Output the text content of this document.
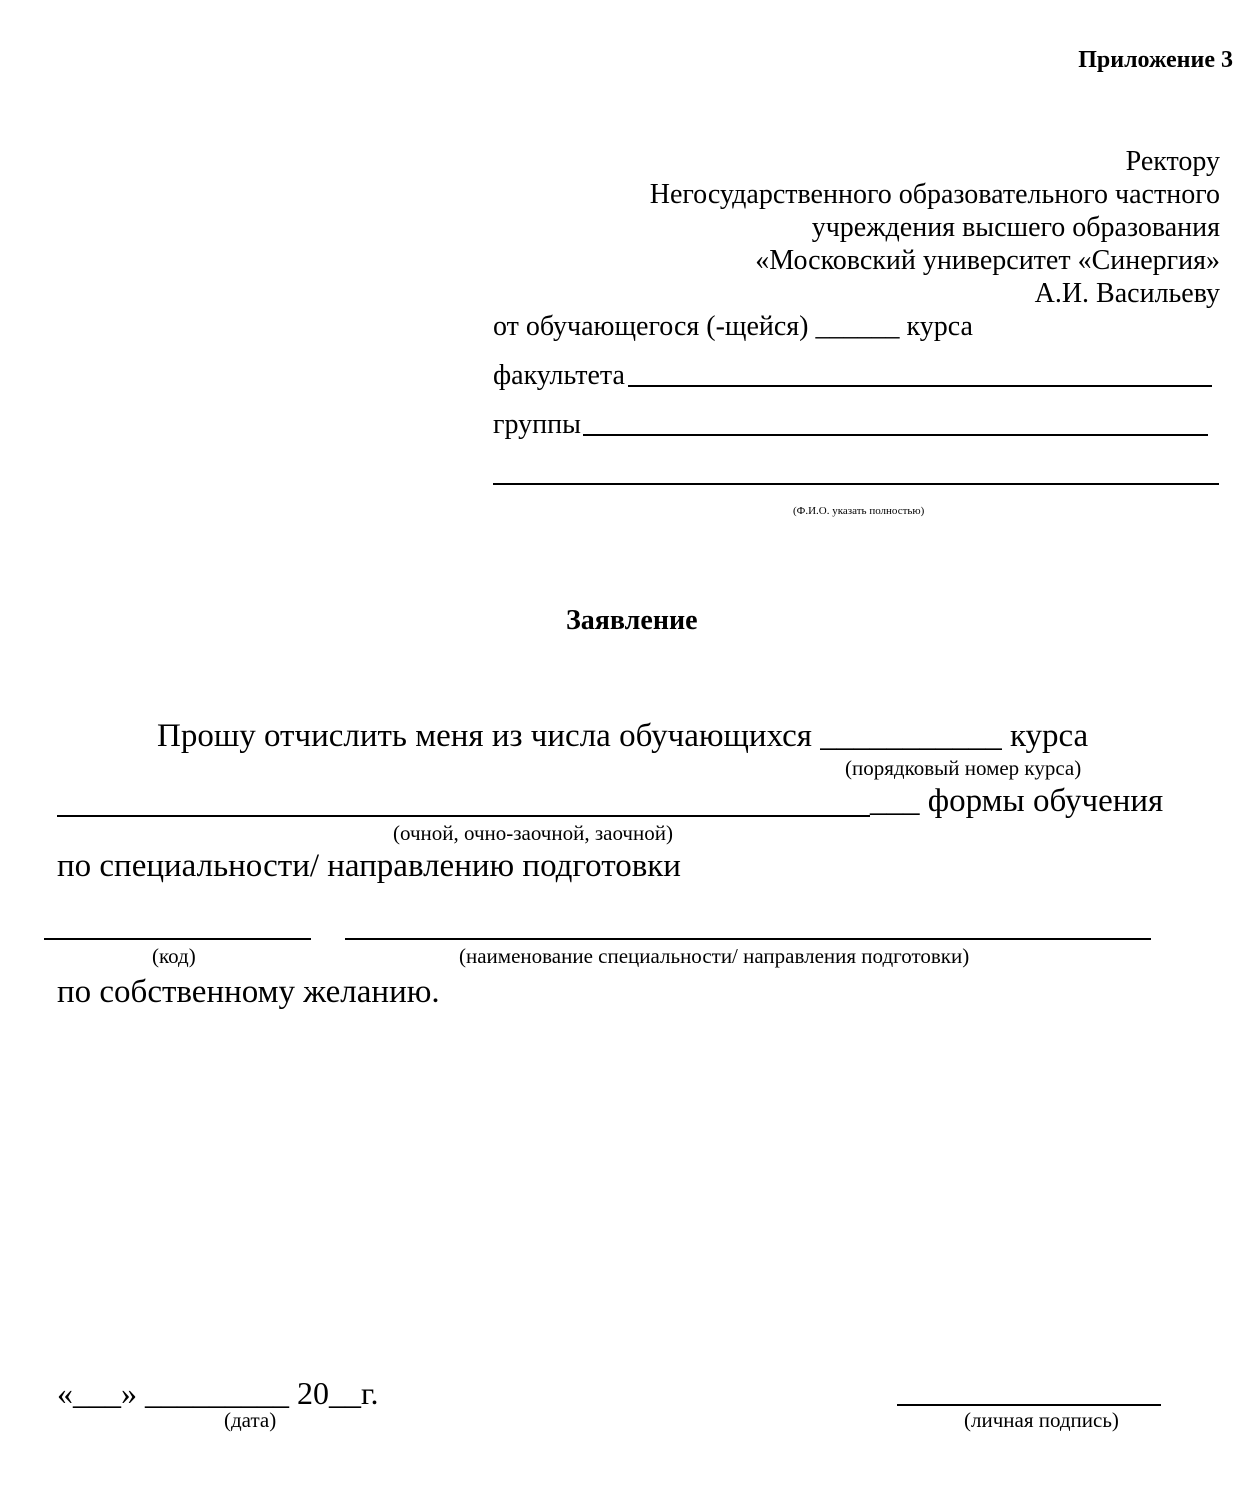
Приложение 3
Ректору
Негосударственного образовательного частного
учреждения высшего образования
«Московский университет «Синергия»
А.И. Васильеву
от обучающегося (-щейся) ______ курса
факультета
группы
(Ф.И.О. указать полностью)
Заявление
Прошу отчислить меня из числа обучающихся ___________ курса
(порядковый номер курса)
___ формы обучения
(очной, очно-заочной, заочной)
по специальности/ направлению подготовки
(код)	(наименование специальности/ направления подготовки)
по собственному желанию.
«___» _________ 20__г.
(дата)	(личная подпись)
